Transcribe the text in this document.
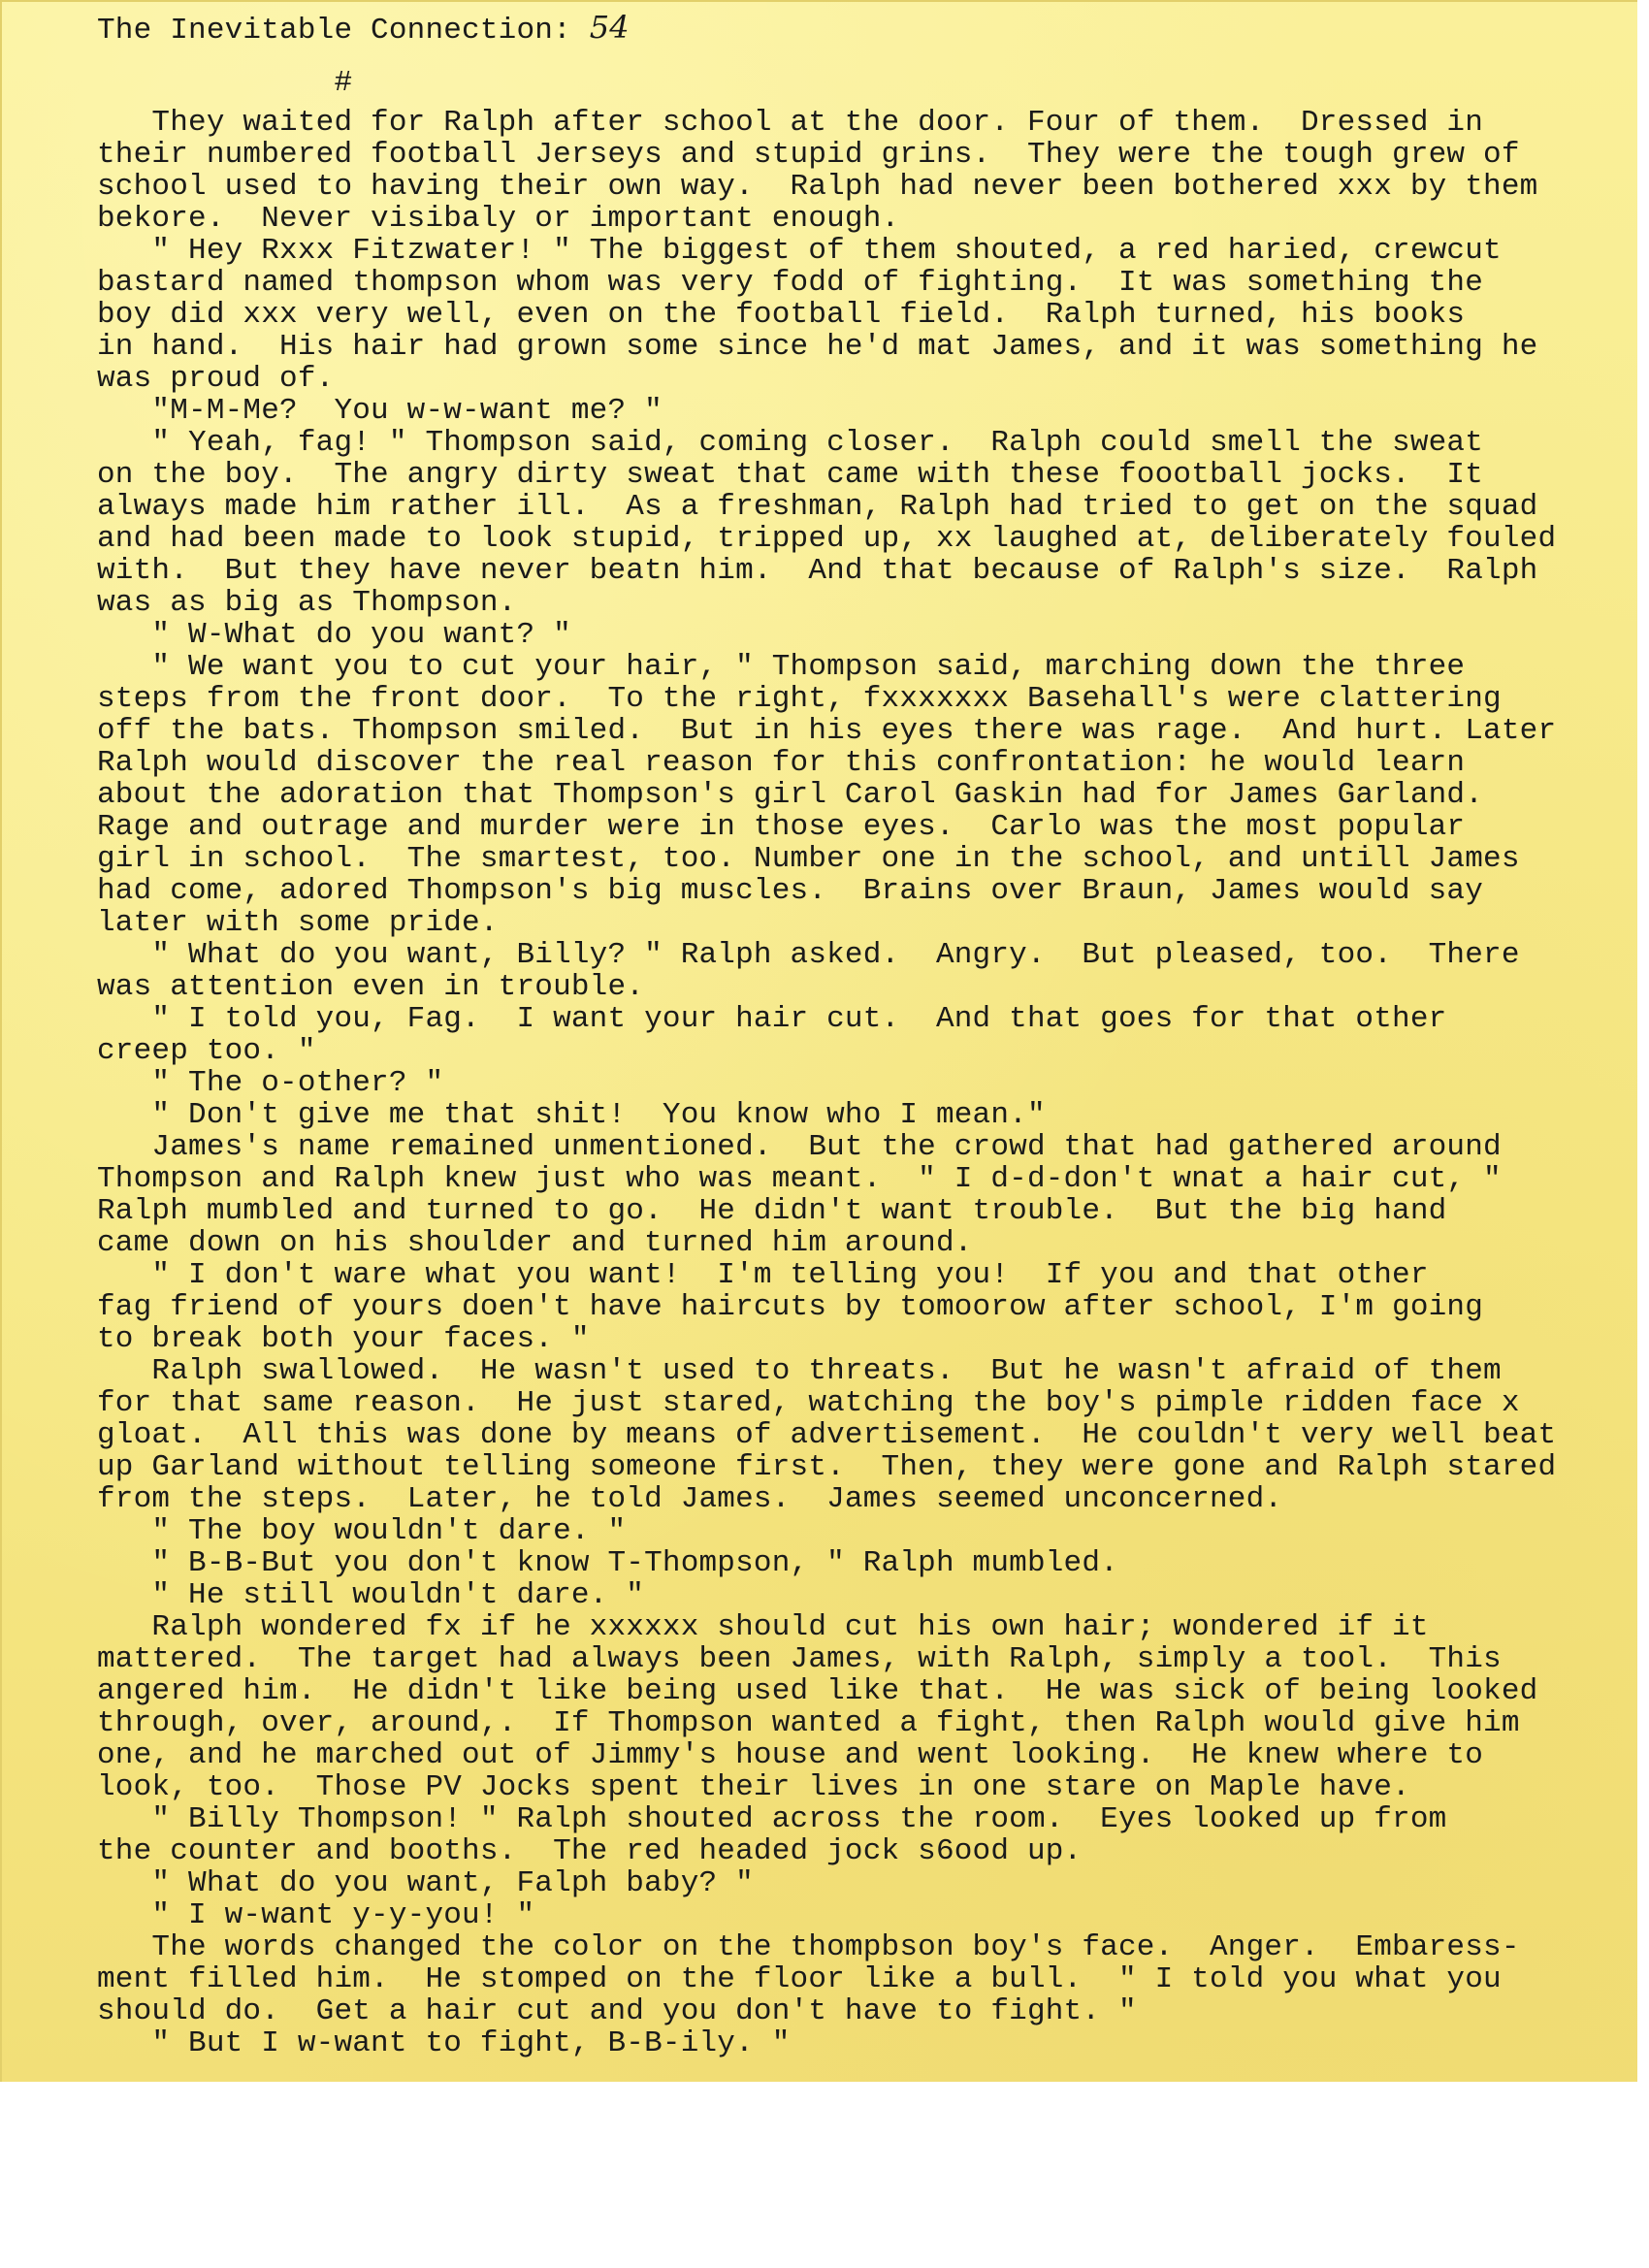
The Inevitable Connection: 54
#
They waited for Ralph after school at the door. Four of them.  Dressed in
their numbered football Jerseys and stupid grins.  They were the tough grew of
school used to having their own way.  Ralph had never been bothered xxx by them
bekore.  Never visibaly or important enough.
" Hey Rxxx Fitzwater! " The biggest of them shouted, a red haried, crewcut
bastard named thompson whom was very fodd of fighting.  It was something the
boy did xxx very well, even on the football field.  Ralph turned, his books
in hand.  His hair had grown some since he'd mat James, and it was something he
was proud of.
"M-M-Me?  You w-w-want me? "
" Yeah, fag! " Thompson said, coming closer.  Ralph could smell the sweat
on the boy.  The angry dirty sweat that came with these foootball jocks.  It
always made him rather ill.  As a freshman, Ralph had tried to get on the squad
and had been made to look stupid, tripped up, xx laughed at, deliberately fouled
with.  But they have never beatn him.  And that because of Ralph's size.  Ralph
was as big as Thompson.
" W-What do you want? "
" We want you to cut your hair, " Thompson said, marching down the three
steps from the front door.  To the right, fxxxxxxx Basehall's were clattering
off the bats. Thompson smiled.  But in his eyes there was rage.  And hurt. Later
Ralph would discover the real reason for this confrontation: he would learn
about the adoration that Thompson's girl Carol Gaskin had for James Garland.
Rage and outrage and murder were in those eyes.  Carlo was the most popular
girl in school.  The smartest, too. Number one in the school, and untill James
had come, adored Thompson's big muscles.  Brains over Braun, James would say
later with some pride.
" What do you want, Billy? " Ralph asked.  Angry.  But pleased, too.  There
was attention even in trouble.
" I told you, Fag.  I want your hair cut.  And that goes for that other
creep too. "
" The o-other? "
" Don't give me that shit!  You know who I mean."
James's name remained unmentioned.  But the crowd that had gathered around
Thompson and Ralph knew just who was meant.  " I d-d-don't wnat a hair cut, "
Ralph mumbled and turned to go.  He didn't want trouble.  But the big hand
came down on his shoulder and turned him around.
" I don't ware what you want!  I'm telling you!  If you and that other
fag friend of yours doen't have haircuts by tomoorow after school, I'm going
to break both your faces. "
Ralph swallowed.  He wasn't used to threats.  But he wasn't afraid of them
for that same reason.  He just stared, watching the boy's pimple ridden face x
gloat.  All this was done by means of advertisement.  He couldn't very well beat
up Garland without telling someone first.  Then, they were gone and Ralph stared
from the steps.  Later, he told James.  James seemed unconcerned.
" The boy wouldn't dare. "
" B-B-But you don't know T-Thompson, " Ralph mumbled.
" He still wouldn't dare. "
Ralph wondered fx if he xxxxxx should cut his own hair; wondered if it
mattered.  The target had always been James, with Ralph, simply a tool.  This
angered him.  He didn't like being used like that.  He was sick of being looked
through, over, around,.  If Thompson wanted a fight, then Ralph would give him
one, and he marched out of Jimmy's house and went looking.  He knew where to
look, too.  Those PV Jocks spent their lives in one stare on Maple have.
" Billy Thompson! " Ralph shouted across the room.  Eyes looked up from
the counter and booths.  The red headed jock s6ood up.
" What do you want, Falph baby? "
" I w-want y-y-you! "
The words changed the color on the thompbson boy's face.  Anger.  Embaress-
ment filled him.  He stomped on the floor like a bull.  " I told you what you
should do.  Get a hair cut and you don't have to fight. "
" But I w-want to fight, B-B-ily. "
